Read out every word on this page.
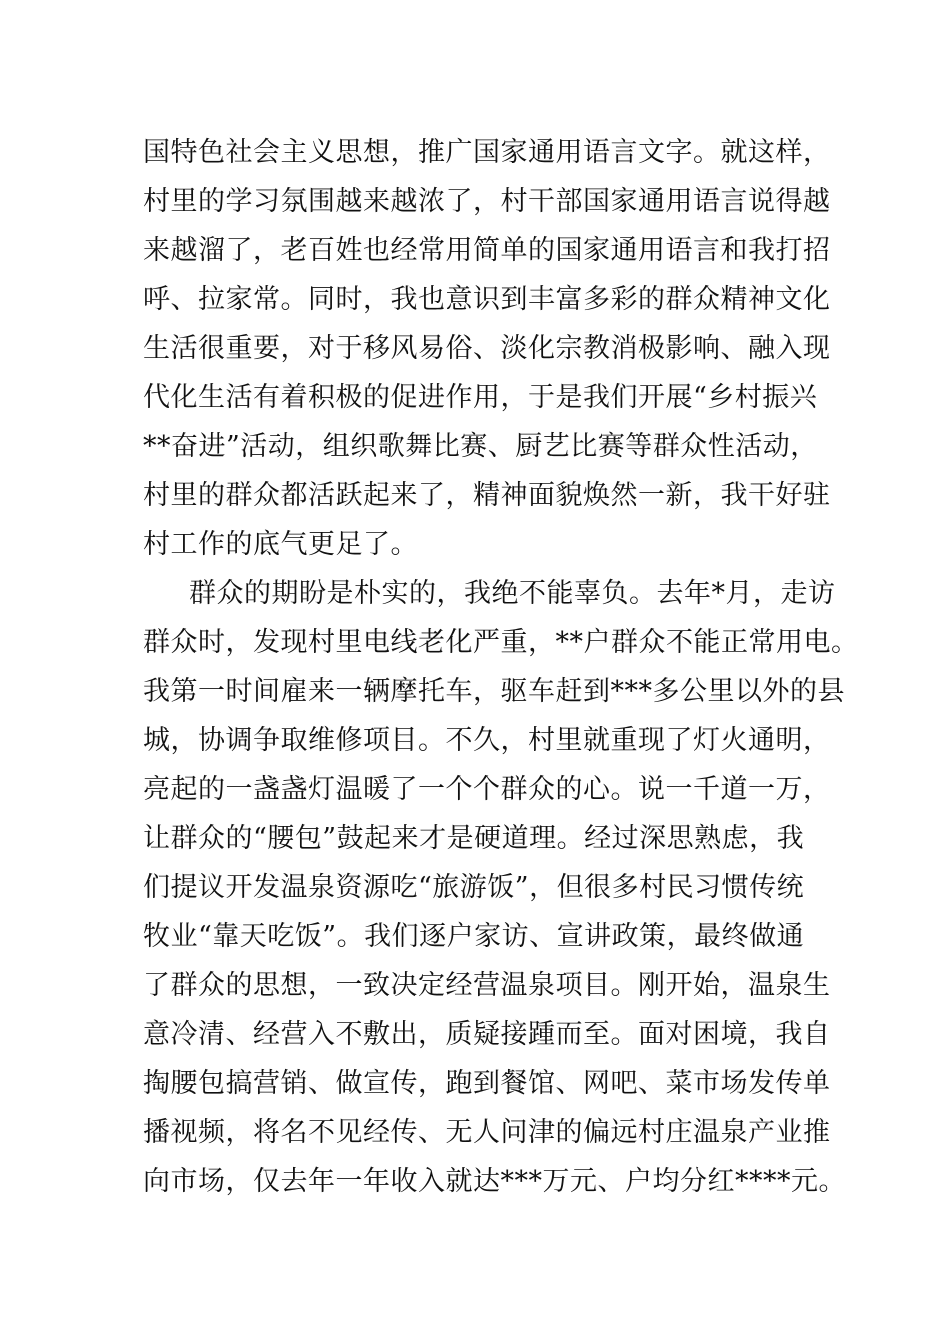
国特色社会主义思想，推广国家通用语言文字。就这样，
村里的学习氛围越来越浓了，村干部国家通用语言说得越
来越溜了，老百姓也经常用简单的国家通用语言和我打招
呼、拉家常。同时，我也意识到丰富多彩的群众精神文化
生活很重要，对于移风易俗、淡化宗教消极影响、融入现
代化生活有着积极的促进作用，于是我们开展“乡村振兴
**奋进”活动，组织歌舞比赛、厨艺比赛等群众性活动，
村里的群众都活跃起来了，精神面貌焕然一新，我干好驻
村工作的底气更足了。
群众的期盼是朴实的，我绝不能辜负。去年*月，走访
群众时，发现村里电线老化严重，**户群众不能正常用电。
我第一时间雇来一辆摩托车，驱车赶到***多公里以外的县
城，协调争取维修项目。不久，村里就重现了灯火通明，
亮起的一盏盏灯温暖了一个个群众的心。说一千道一万，
让群众的“腰包”鼓起来才是硬道理。经过深思熟虑，我
们提议开发温泉资源吃“旅游饭”，但很多村民习惯传统
牧业“靠天吃饭”。我们逐户家访、宣讲政策，最终做通
了群众的思想，一致决定经营温泉项目。刚开始，温泉生
意冷清、经营入不敷出，质疑接踵而至。面对困境，我自
掏腰包搞营销、做宣传，跑到餐馆、网吧、菜市场发传单
播视频，将名不见经传、无人问津的偏远村庄温泉产业推
向市场，仅去年一年收入就达***万元、户均分红****元。
